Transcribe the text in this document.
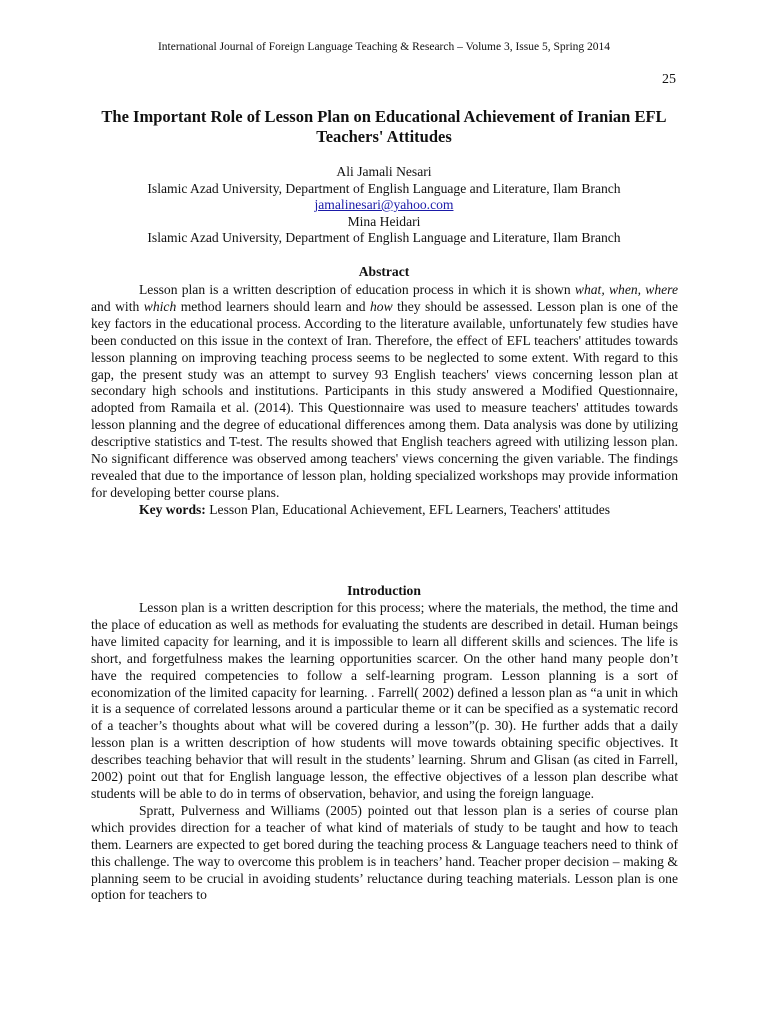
International Journal of Foreign Language Teaching & Research – Volume 3, Issue 5, Spring 2014
25
The Important Role of Lesson Plan on Educational Achievement of Iranian EFL Teachers' Attitudes
Ali Jamali Nesari
Islamic Azad University, Department of English Language and Literature, Ilam Branch
jamalinesari@yahoo.com
Mina Heidari
Islamic Azad University, Department of English Language and Literature, Ilam Branch
Abstract

Lesson plan is a written description of education process in which it is shown what, when, where and with which method learners should learn and how they should be assessed. Lesson plan is one of the key factors in the educational process. According to the literature available, unfortunately few studies have been conducted on this issue in the context of Iran. Therefore, the effect of EFL teachers' attitudes towards lesson planning on improving teaching process seems to be neglected to some extent. With regard to this gap, the present study was an attempt to survey 93 English teachers' views concerning lesson plan at secondary high schools and institutions. Participants in this study answered a Modified Questionnaire, adopted from Ramaila et al. (2014). This Questionnaire was used to measure teachers' attitudes towards lesson planning and the degree of educational differences among them. Data analysis was done by utilizing descriptive statistics and T-test. The results showed that English teachers agreed with utilizing lesson plan. No significant difference was observed among teachers' views concerning the given variable. The findings revealed that due to the importance of lesson plan, holding specialized workshops may provide information for developing better course plans.

Key words: Lesson Plan, Educational Achievement, EFL Learners, Teachers' attitudes

Introduction

Lesson plan is a written description for this process; where the materials, the method, the time and the place of education as well as methods for evaluating the students are described in detail. Human beings have limited capacity for learning, and it is impossible to learn all different skills and sciences. The life is short, and forgetfulness makes the learning opportunities scarcer. On the other hand many people don’t have the required competencies to follow a self-learning program. Lesson planning is a sort of economization of the limited capacity for learning. . Farrell( 2002) defined a lesson plan as “a unit in which it is a sequence of correlated lessons around a particular theme or it can be specified as a systematic record of a teacher’s thoughts about what will be covered during a lesson”(p. 30). He further adds that a daily lesson plan is a written description of how students will move towards obtaining specific objectives. It describes teaching behavior that will result in the students’ learning. Shrum and Glisan (as cited in Farrell, 2002) point out that for English language lesson, the effective objectives of a lesson plan describe what students will be able to do in terms of observation, behavior, and using the foreign language.

Spratt, Pulverness and Williams (2005) pointed out that lesson plan is a series of course plan which provides direction for a teacher of what kind of materials of study to be taught and how to teach them. Learners are expected to get bored during the teaching process & Language teachers need to think of this challenge. The way to overcome this problem is in teachers’ hand. Teacher proper decision – making & planning seem to be crucial in avoiding students’ reluctance during teaching materials. Lesson plan is one option for teachers to
